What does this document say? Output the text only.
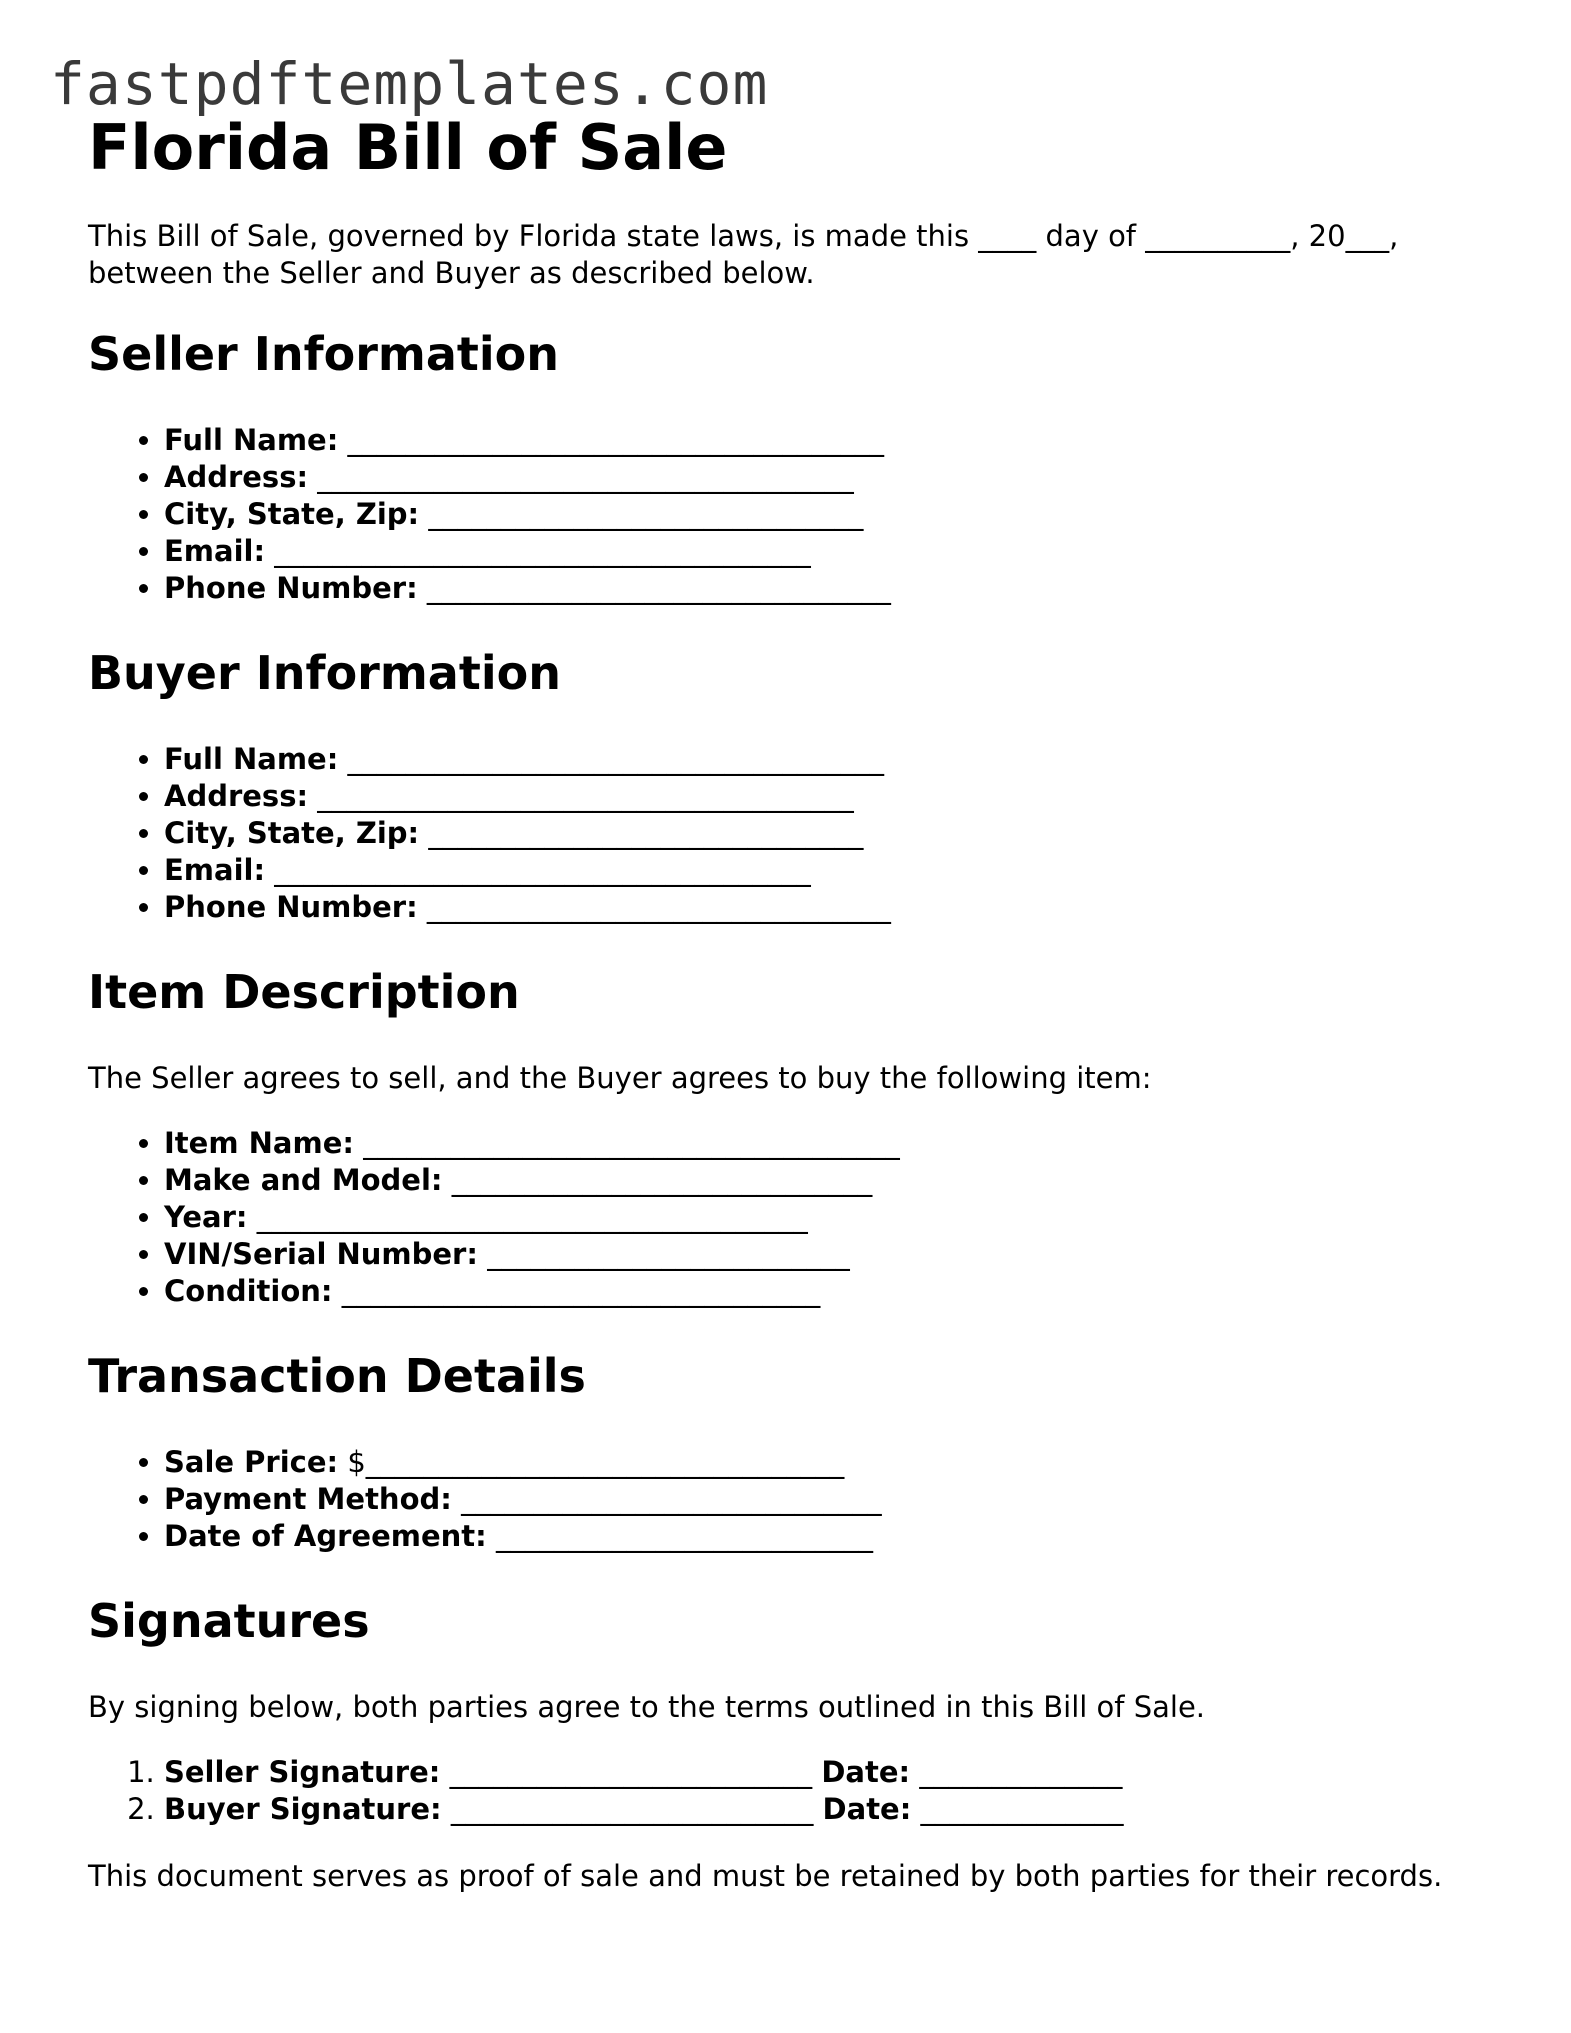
fastpdftemplates.com
Florida Bill of Sale

This Bill of Sale, governed by Florida state laws, is made this ____ day of __________, 20___, between the Seller and Buyer as described below.

Seller Information
• Full Name: _____________________________________
• Address: _____________________________________
• City, State, Zip: ______________________________
• Email: _____________________________________
• Phone Number: ________________________________
Buyer Information
• Full Name: _____________________________________
• Address: _____________________________________
• City, State, Zip: ______________________________
• Email: _____________________________________
• Phone Number: ________________________________
Item Description

The Seller agrees to sell, and the Buyer agrees to buy the following item:

• Item Name: _____________________________________
• Make and Model: _____________________________
• Year: ______________________________________
• VIN/Serial Number: _________________________
• Condition: _________________________________
Transaction Details
• Sale Price: $_________________________________
• Payment Method: _____________________________
• Date of Agreement: __________________________
Signatures

By signing below, both parties agree to the terms outlined in this Bill of Sale.

1. Seller Signature: _________________________ Date: ______________
2. Buyer Signature: _________________________ Date: ______________

This document serves as proof of sale and must be retained by both parties for their records.
